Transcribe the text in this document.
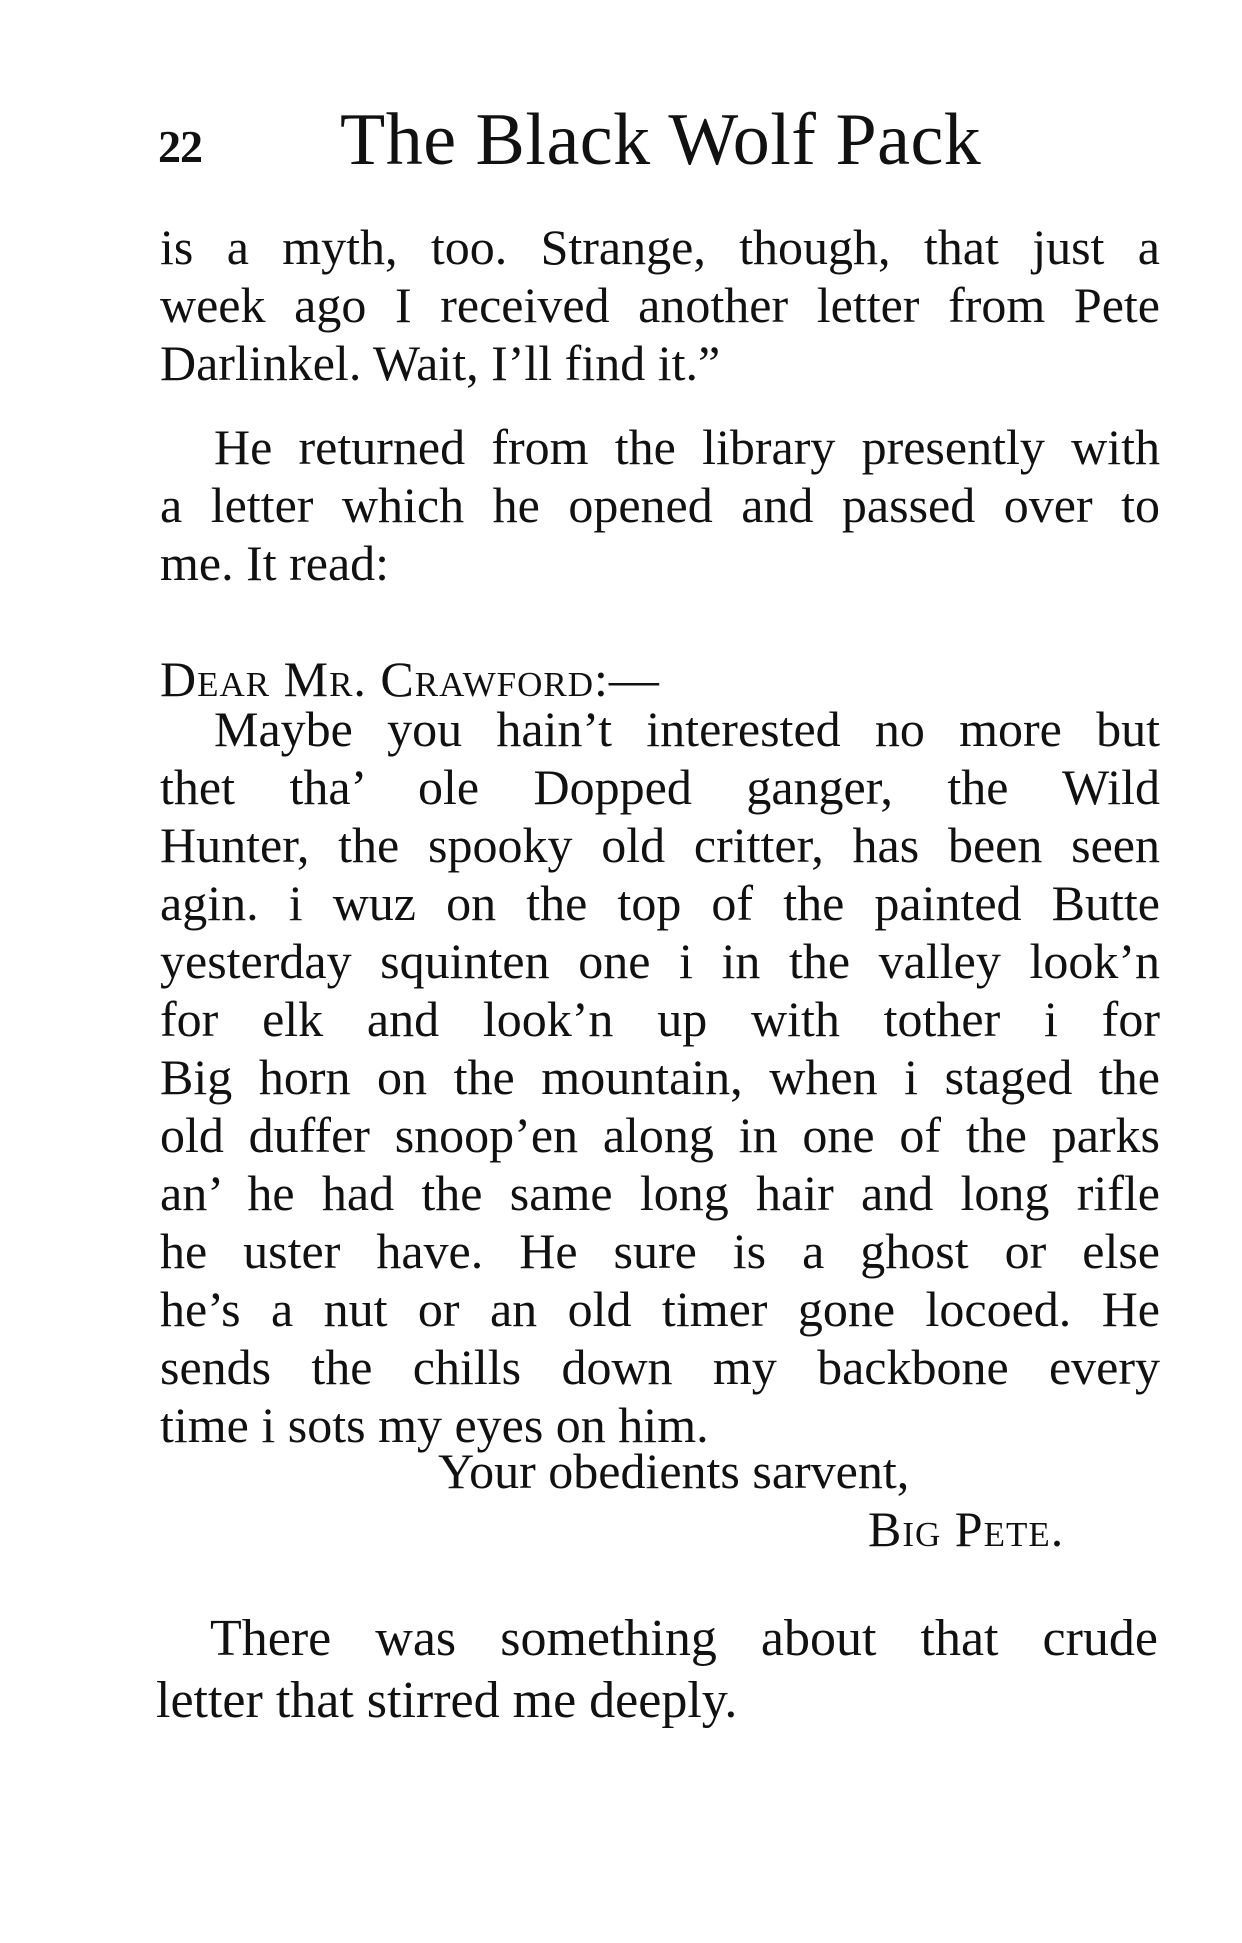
22 The Black Wolf Pack
is a myth, too. Strange, though, that just a
week ago I received another letter from Pete
Darlinkel. Wait, I’ll find it.”
He returned from the library presently with
a letter which he opened and passed over to
me. It read:
Dear Mr. Crawford:—
Maybe you hain’t interested no more but
thet tha’ ole Dopped ganger, the Wild
Hunter, the spooky old critter, has been seen
agin. i wuz on the top of the painted Butte
yesterday squinten one i in the valley look’n
for elk and look’n up with tother i for
Big horn on the mountain, when i staged the
old duffer snoop’en along in one of the parks
an’ he had the same long hair and long rifle
he uster have. He sure is a ghost or else
he’s a nut or an old timer gone locoed. He
sends the chills down my backbone every
time i sots my eyes on him.
Your obedients sarvent,
Big Pete.
There was something about that crude
letter that stirred me deeply.
